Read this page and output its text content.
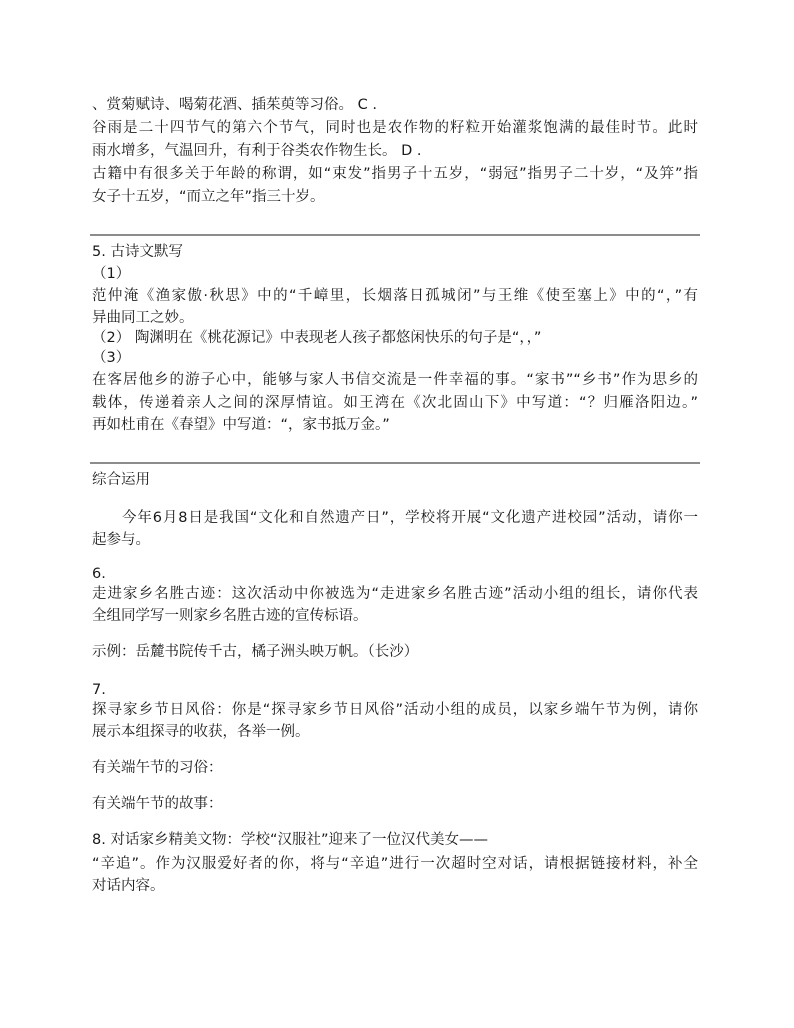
、赏菊赋诗、喝菊花酒、插茱萸等习俗。 C .
谷雨是二十四节气的第六个节气，同时也是农作物的籽粒开始灌浆饱满的最佳时节。此时
雨水增多，气温回升，有利于谷类农作物生长。 D .
古籍中有很多关于年龄的称谓，如“束发”指男子十五岁，“弱冠”指男子二十岁，“及笄”指
女子十五岁，“而立之年”指三十岁。
5. 古诗文默写
（1）
范仲淹《渔家傲·秋思》中的“千嶂里，长烟落日孤城闭”与王维《使至塞上》中的“，”有
异曲同工之妙。
（2） 陶渊明在《桃花源记》中表现老人孩子都悠闲快乐的句子是“，，”
（3）
在客居他乡的游子心中，能够与家人书信交流是一件幸福的事。“家书”“乡书”作为思乡的
载体，传递着亲人之间的深厚情谊。如王湾在《次北固山下》中写道：“？归雁洛阳边。”
再如杜甫在《春望》中写道：“，家书抵万金。”
综合运用
今年6月8日是我国“文化和自然遗产日”，学校将开展“文化遗产进校园”活动，请你一
起参与。
6.
走进家乡名胜古迹：这次活动中你被选为“走进家乡名胜古迹”活动小组的组长，请你代表
全组同学写一则家乡名胜古迹的宣传标语。
示例：岳麓书院传千古，橘子洲头映万帆。（长沙）
7.
探寻家乡节日风俗：你是“探寻家乡节日风俗”活动小组的成员，以家乡端午节为例，请你
展示本组探寻的收获，各举一例。
有关端午节的习俗：
有关端午节的故事：
8. 对话家乡精美文物：学校“汉服社”迎来了一位汉代美女——
“辛追”。作为汉服爱好者的你，将与“辛追”进行一次超时空对话，请根据链接材料，补全
对话内容。
